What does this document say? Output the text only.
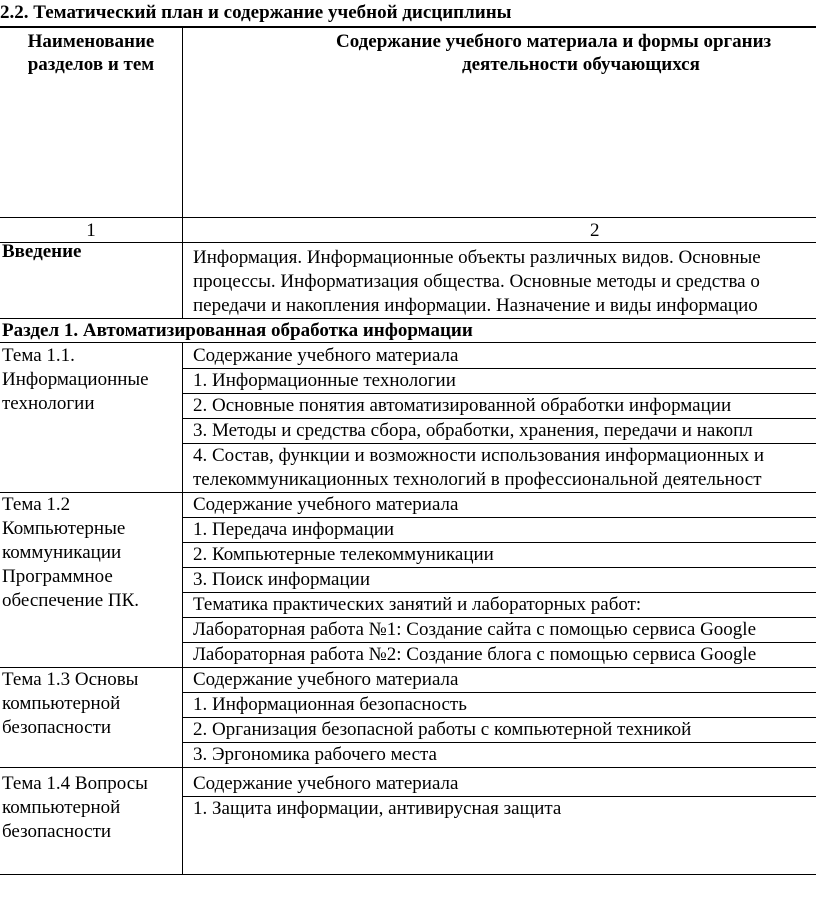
2.2. Тематический план и содержание учебной дисциплины
Наименование
разделов и тем
Содержание учебного материала и формы организ
деятельности обучающихся
1	2
Введение	Информация. Информационные объекты различных видов. Основные
процессы. Информатизация общества. Основные методы и средства о
передачи и накопления информации. Назначение и виды информацио
Раздел 1. Автоматизированная обработка информации
Тема 1.1.
Информационные
технологии
Содержание учебного материала
1. Информационные технологии
2. Основные понятия автоматизированной обработки информации
3. Методы и средства сбора, обработки, хранения, передачи и накопл
4. Состав, функции и возможности использования информационных и
телекоммуникационных технологий в профессиональной деятельност
Тема 1.2
Компьютерные
коммуникации
Программное
обеспечение ПК.
Содержание учебного материала
1. Передача информации
2. Компьютерные телекоммуникации
3. Поиск информации
Тематика практических занятий и лабораторных работ:
Лабораторная работа №1: Создание сайта с помощью сервиса Google
Лабораторная работа №2: Создание блога с помощью сервиса Google
Тема 1.3 Основы
компьютерной
безопасности
Содержание учебного материала
1. Информационная безопасность
2. Организация безопасной работы с компьютерной техникой
3. Эргономика рабочего места
Тема 1.4 Вопросы
компьютерной
безопасности
Содержание учебного материала
1. Защита информации, антивирусная защита
